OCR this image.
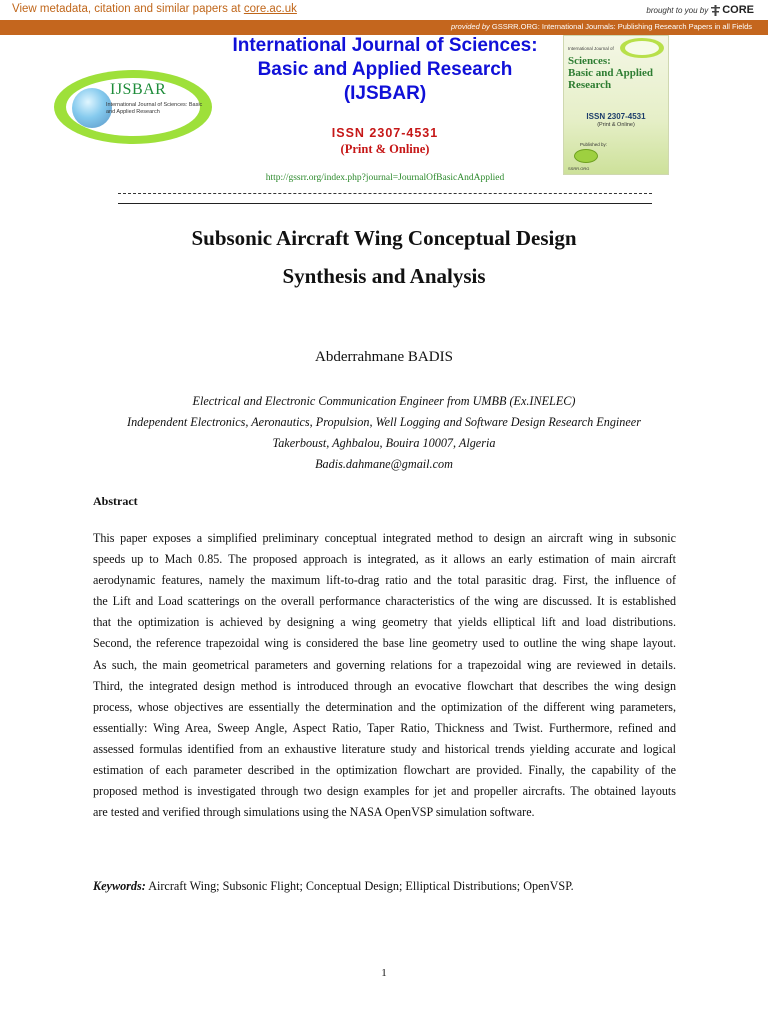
View metadata, citation and similar papers at core.ac.uk	brought to you by CORE
provided by GSSRR.ORG: International Journals: Publishing Research Papers in all Fields
IJSBAR
International Journal of Sciences: Basic and Applied Research
International Journal of Sciences:
Basic and Applied Research
(IJSBAR)
ISSN 2307-4531
(Print & Online)
http://gssrr.org/index.php?journal=JournalOfBasicAndApplied
International Journal of
Sciences:
Basic and Applied
Research
ISSN 2307-4531
(Print & Online)
Published by:
SSRR.ORG
Subsonic Aircraft Wing Conceptual Design
Synthesis and Analysis
Abderrahmane BADIS
Electrical and Electronic Communication Engineer from UMBB (Ex.INELEC)
Independent Electronics, Aeronautics, Propulsion, Well Logging and Software Design Research Engineer
Takerboust, Aghbalou, Bouira 10007, Algeria
Badis.dahmane@gmail.com
Abstract
This paper exposes a simplified preliminary conceptual integrated method to design an aircraft wing in subsonic
speeds up to Mach 0.85. The proposed approach is integrated, as it allows an early estimation of main aircraft
aerodynamic features, namely the maximum lift-to-drag ratio and the total parasitic drag. First, the influence of
the Lift and Load scatterings on the overall performance characteristics of the wing are discussed. It is established
that the optimization is achieved by designing a wing geometry that yields elliptical lift and load distributions.
Second, the reference trapezoidal wing is considered the base line geometry used to outline the wing shape layout.
As such, the main geometrical parameters and governing relations for a trapezoidal wing are reviewed in details.
Third, the integrated design method is introduced through an evocative flowchart that describes the wing design
process, whose objectives are essentially the determination and the optimization of the different wing parameters,
essentially: Wing Area, Sweep Angle, Aspect Ratio, Taper Ratio, Thickness and Twist. Furthermore, refined and
assessed formulas identified from an exhaustive literature study and historical trends yielding accurate and logical
estimation of each parameter described in the optimization flowchart are provided. Finally, the capability of the
proposed method is investigated through two design examples for jet and propeller aircrafts. The obtained layouts
are tested and verified through simulations using the NASA OpenVSP simulation software.
Keywords: Aircraft Wing; Subsonic Flight; Conceptual Design; Elliptical Distributions; OpenVSP.
1
